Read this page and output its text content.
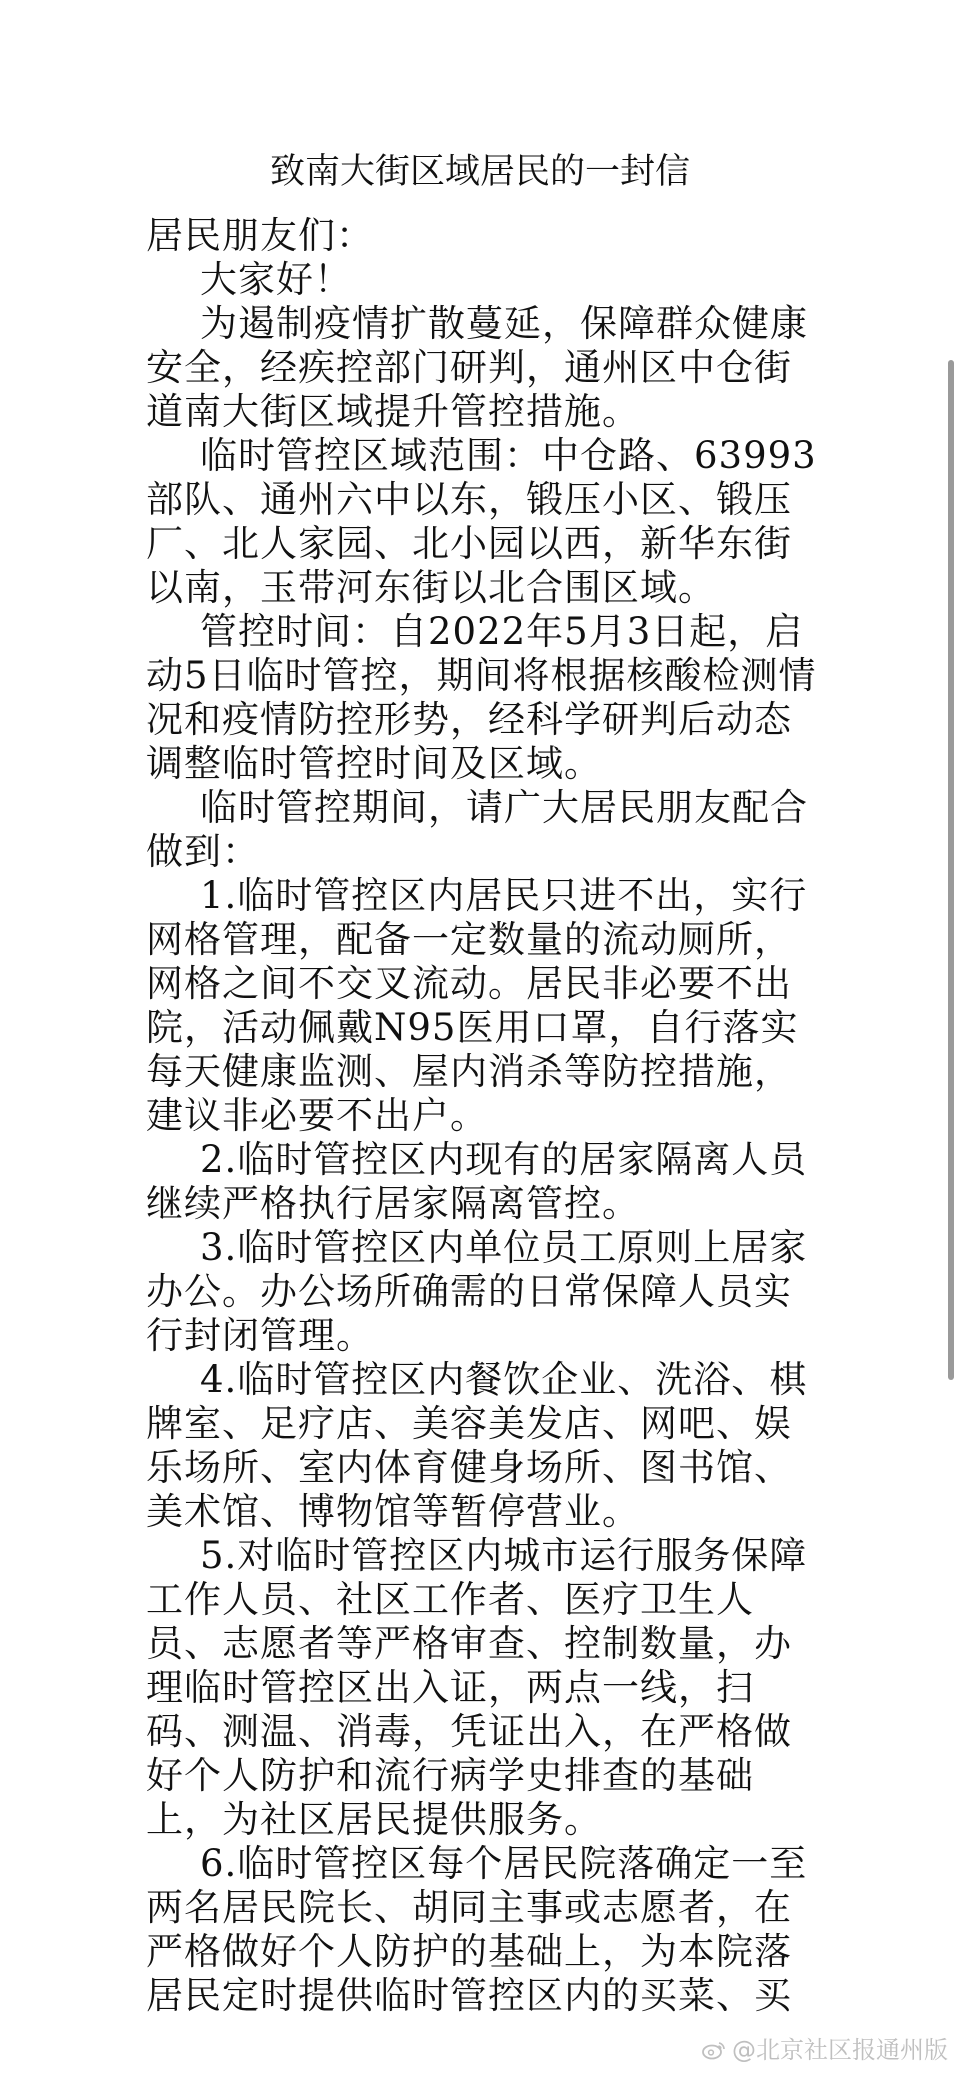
致南大街区域居民的一封信

居民朋友们：

大家好！

为遏制疫情扩散蔓延，保障群众健康安全，经疾控部门研判，通州区中仓街道南大街区域提升管控措施。

临时管控区域范围：中仓路、63993部队、通州六中以东，锻压小区、锻压厂、北人家园、北小园以西，新华东街以南，玉带河东街以北合围区域。

管控时间：自2022年5月3日起，启动5日临时管控，期间将根据核酸检测情况和疫情防控形势，经科学研判后动态调整临时管控时间及区域。

临时管控期间，请广大居民朋友配合做到：

1.临时管控区内居民只进不出，实行网格管理，配备一定数量的流动厕所，网格之间不交叉流动。居民非必要不出院，活动佩戴N95医用口罩，自行落实每天健康监测、屋内消杀等防控措施，建议非必要不出户。

2.临时管控区内现有的居家隔离人员继续严格执行居家隔离管控。

3.临时管控区内单位员工原则上居家办公。办公场所确需的日常保障人员实行封闭管理。

4.临时管控区内餐饮企业、洗浴、棋牌室、足疗店、美容美发店、网吧、娱乐场所、室内体育健身场所、图书馆、美术馆、博物馆等暂停营业。

5.对临时管控区内城市运行服务保障工作人员、社区工作者、医疗卫生人员、志愿者等严格审查、控制数量，办理临时管控区出入证，两点一线，扫码、测温、消毒，凭证出入，在严格做好个人防护和流行病学史排查的基础上，为社区居民提供服务。

6.临时管控区每个居民院落确定一至两名居民院长、胡同主事或志愿者，在严格做好个人防护的基础上，为本院落居民定时提供临时管控区内的买菜、买

@北京社区报通州版
